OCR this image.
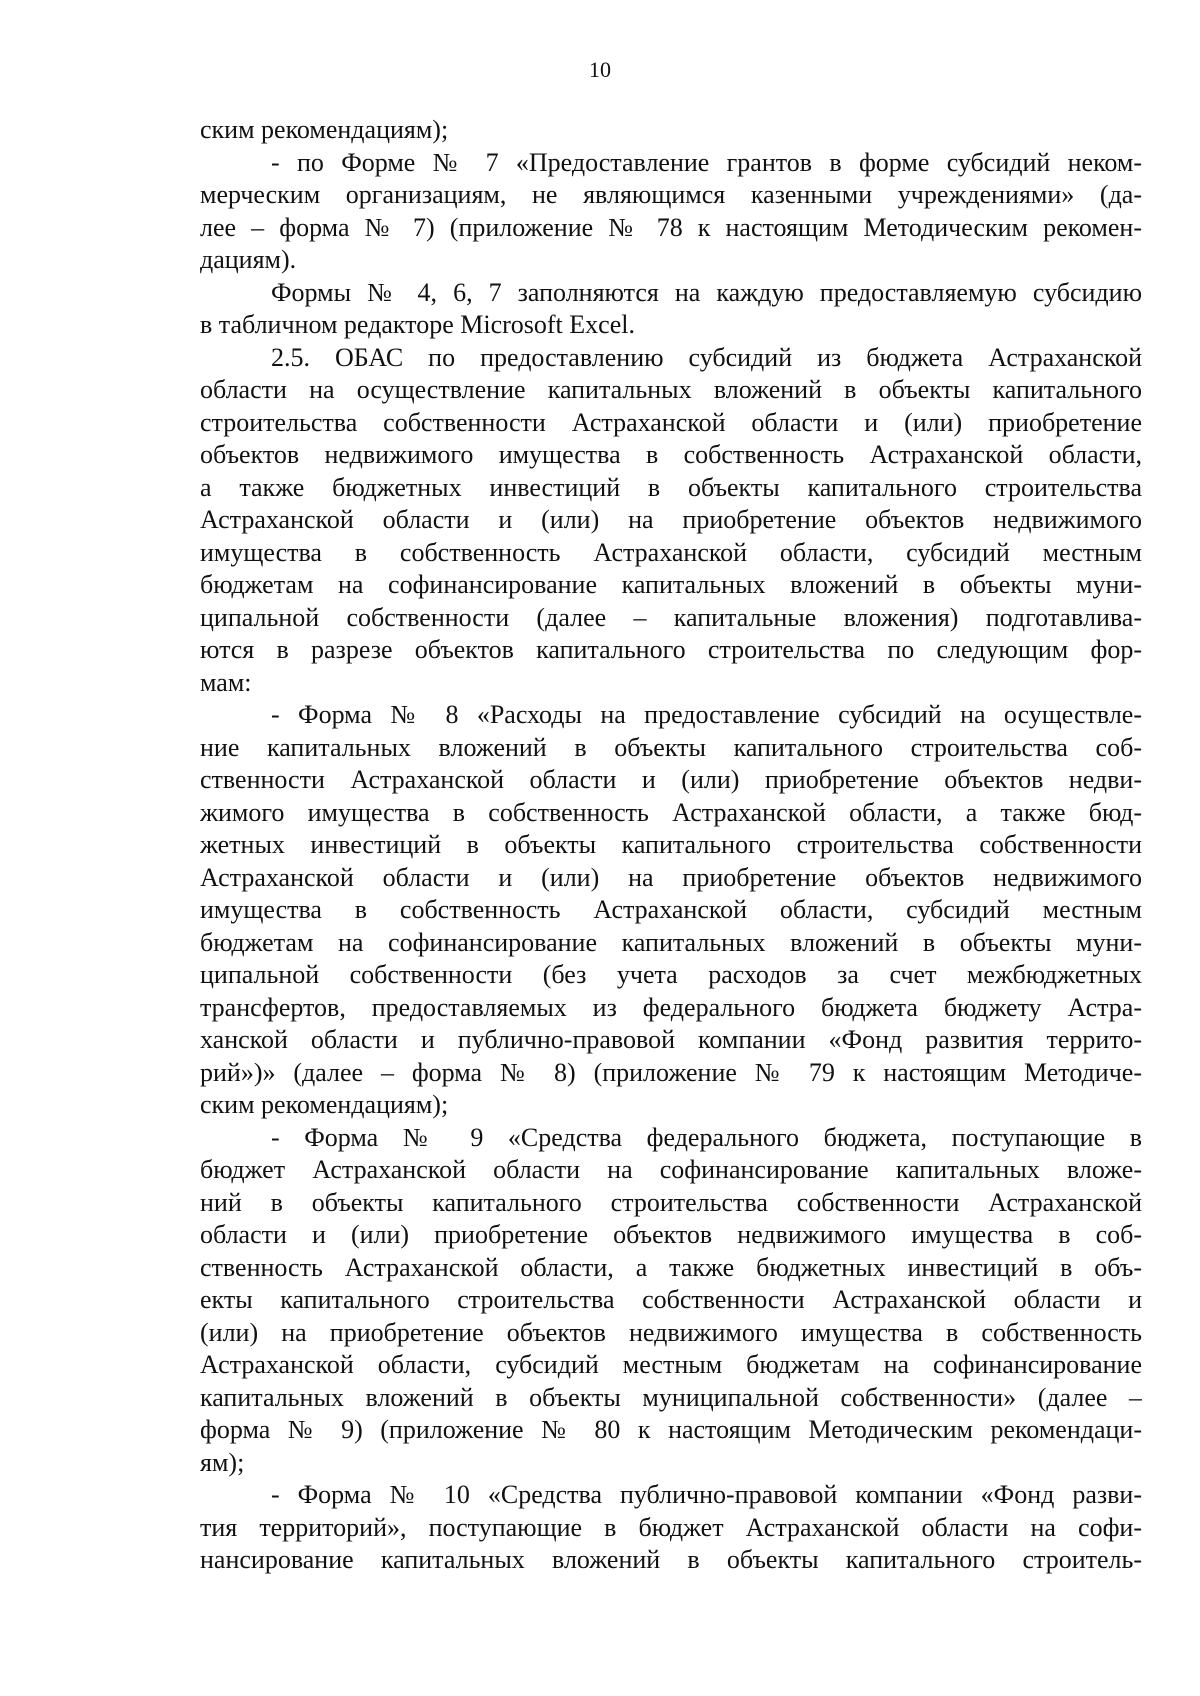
10
ским рекомендациям);
- по Форме № 7 «Предоставление грантов в форме субсидий неком-
мерческим организациям, не являющимся казенными учреждениями» (да-
лее – форма № 7) (приложение № 78 к настоящим Методическим рекомен-
дациям).
Формы № 4, 6, 7 заполняются на каждую предоставляемую субсидию
в табличном редакторе Microsoft Excel.
2.5. ОБАС по предоставлению субсидий из бюджета Астраханской
области на осуществление капитальных вложений в объекты капитального
строительства собственности Астраханской области и (или) приобретение
объектов недвижимого имущества в собственность Астраханской области,
а также бюджетных инвестиций в объекты капитального строительства
Астраханской области и (или) на приобретение объектов недвижимого
имущества в собственность Астраханской области, субсидий местным
бюджетам на софинансирование капитальных вложений в объекты муни-
ципальной собственности (далее – капитальные вложения) подготавлива-
ются в разрезе объектов капитального строительства по следующим фор-
мам:
- Форма № 8 «Расходы на предоставление субсидий на осуществле-
ние капитальных вложений в объекты капитального строительства соб-
ственности Астраханской области и (или) приобретение объектов недви-
жимого имущества в собственность Астраханской области, а также бюд-
жетных инвестиций в объекты капитального строительства собственности
Астраханской области и (или) на приобретение объектов недвижимого
имущества в собственность Астраханской области, субсидий местным
бюджетам на софинансирование капитальных вложений в объекты муни-
ципальной собственности (без учета расходов за счет межбюджетных
трансфертов, предоставляемых из федерального бюджета бюджету Астра-
ханской области и публично-правовой компании «Фонд развития террито-
рий»)» (далее – форма № 8) (приложение № 79 к настоящим Методиче-
ским рекомендациям);
- Форма № 9 «Средства федерального бюджета, поступающие в
бюджет Астраханской области на софинансирование капитальных вложе-
ний в объекты капитального строительства собственности Астраханской
области и (или) приобретение объектов недвижимого имущества в соб-
ственность Астраханской области, а также бюджетных инвестиций в объ-
екты капитального строительства собственности Астраханской области и
(или) на приобретение объектов недвижимого имущества в собственность
Астраханской области, субсидий местным бюджетам на софинансирование
капитальных вложений в объекты муниципальной собственности» (далее –
форма № 9) (приложение № 80 к настоящим Методическим рекомендаци-
ям);
- Форма № 10 «Средства публично-правовой компании «Фонд разви-
тия территорий», поступающие в бюджет Астраханской области на софи-
нансирование капитальных вложений в объекты капитального строитель-
